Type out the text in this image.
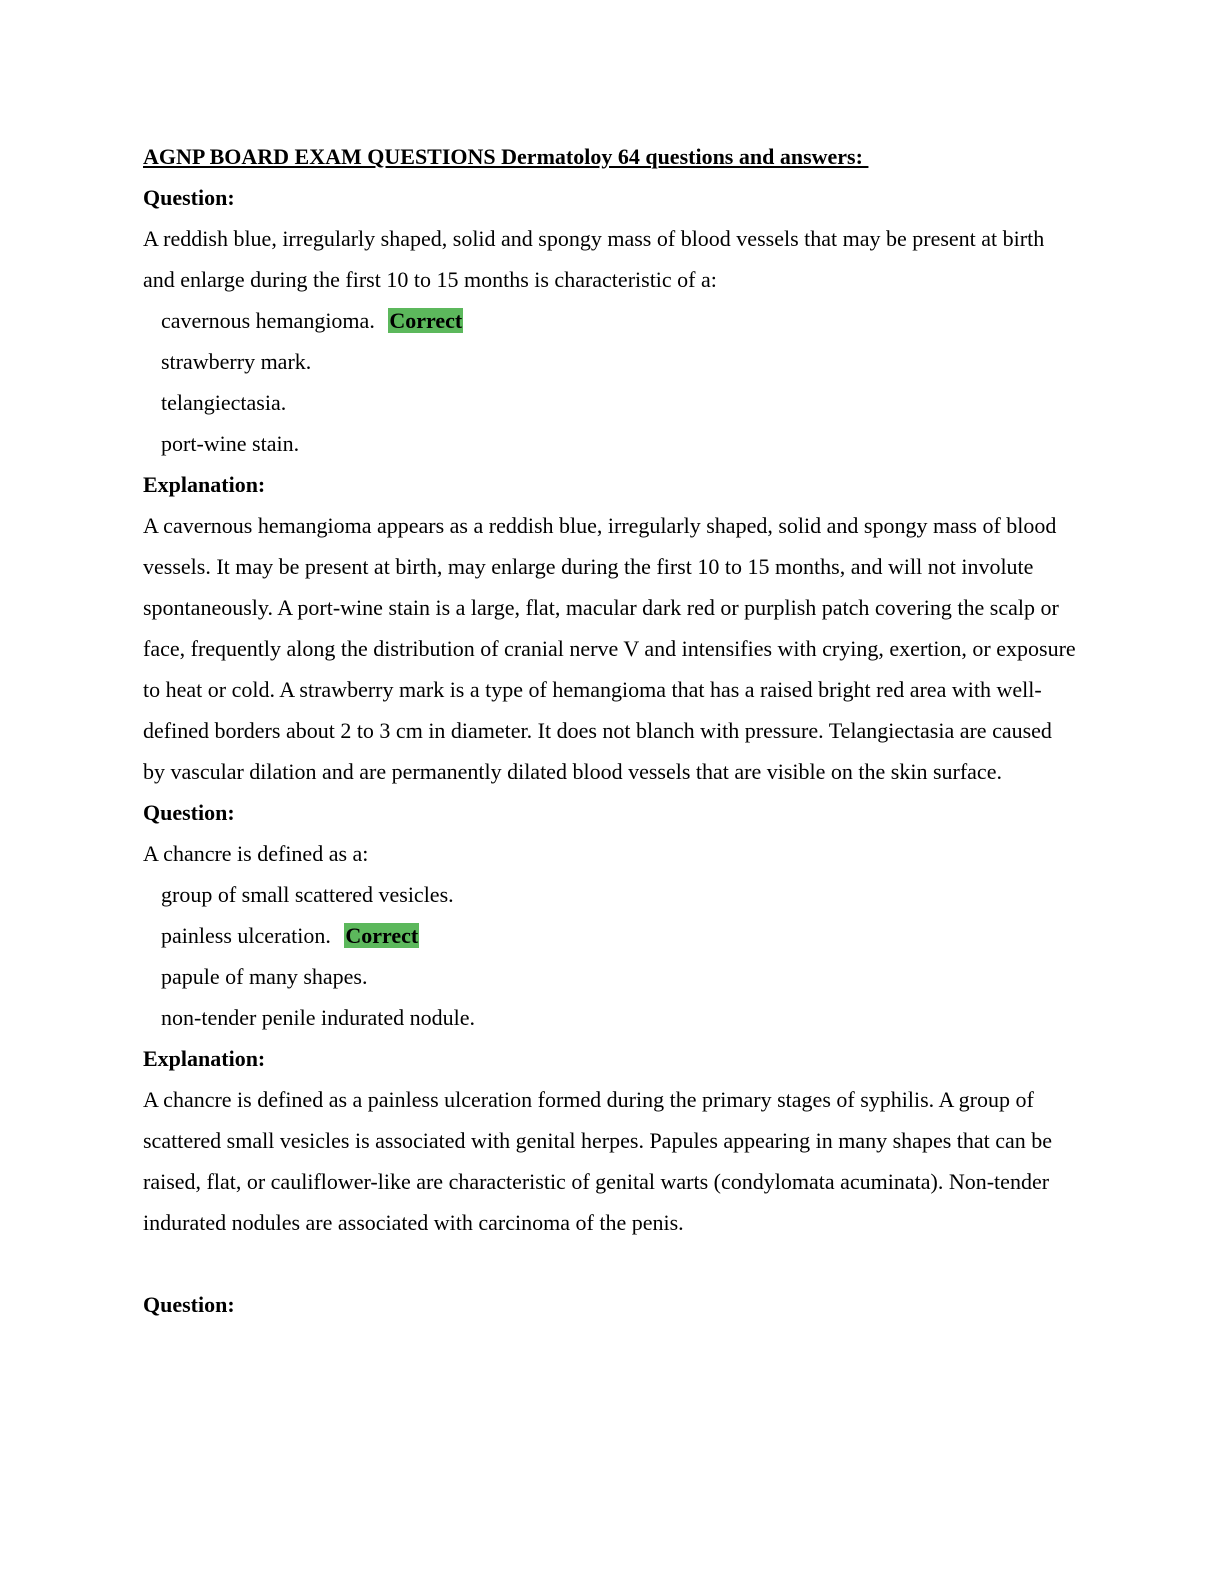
AGNP BOARD EXAM QUESTIONS Dermatoloy 64 questions and answers:
Question:
A reddish blue, irregularly shaped, solid and spongy mass of blood vessels that may be present at birth and enlarge during the first 10 to 15 months is characteristic of a:
cavernous hemangioma. Correct
strawberry mark.
telangiectasia.
port-wine stain.
Explanation:
A cavernous hemangioma appears as a reddish blue, irregularly shaped, solid and spongy mass of blood vessels. It may be present at birth, may enlarge during the first 10 to 15 months, and will not involute spontaneously. A port-wine stain is a large, flat, macular dark red or purplish patch covering the scalp or face, frequently along the distribution of cranial nerve V and intensifies with crying, exertion, or exposure to heat or cold. A strawberry mark is a type of hemangioma that has a raised bright red area with well-defined borders about 2 to 3 cm in diameter. It does not blanch with pressure. Telangiectasia are caused by vascular dilation and are permanently dilated blood vessels that are visible on the skin surface.
Question:
A chancre is defined as a:
group of small scattered vesicles.
painless ulceration. Correct
papule of many shapes.
non-tender penile indurated nodule.
Explanation:
A chancre is defined as a painless ulceration formed during the primary stages of syphilis. A group of scattered small vesicles is associated with genital herpes. Papules appearing in many shapes that can be raised, flat, or cauliflower-like are characteristic of genital warts (condylomata acuminata). Non-tender indurated nodules are associated with carcinoma of the penis.
Question:
